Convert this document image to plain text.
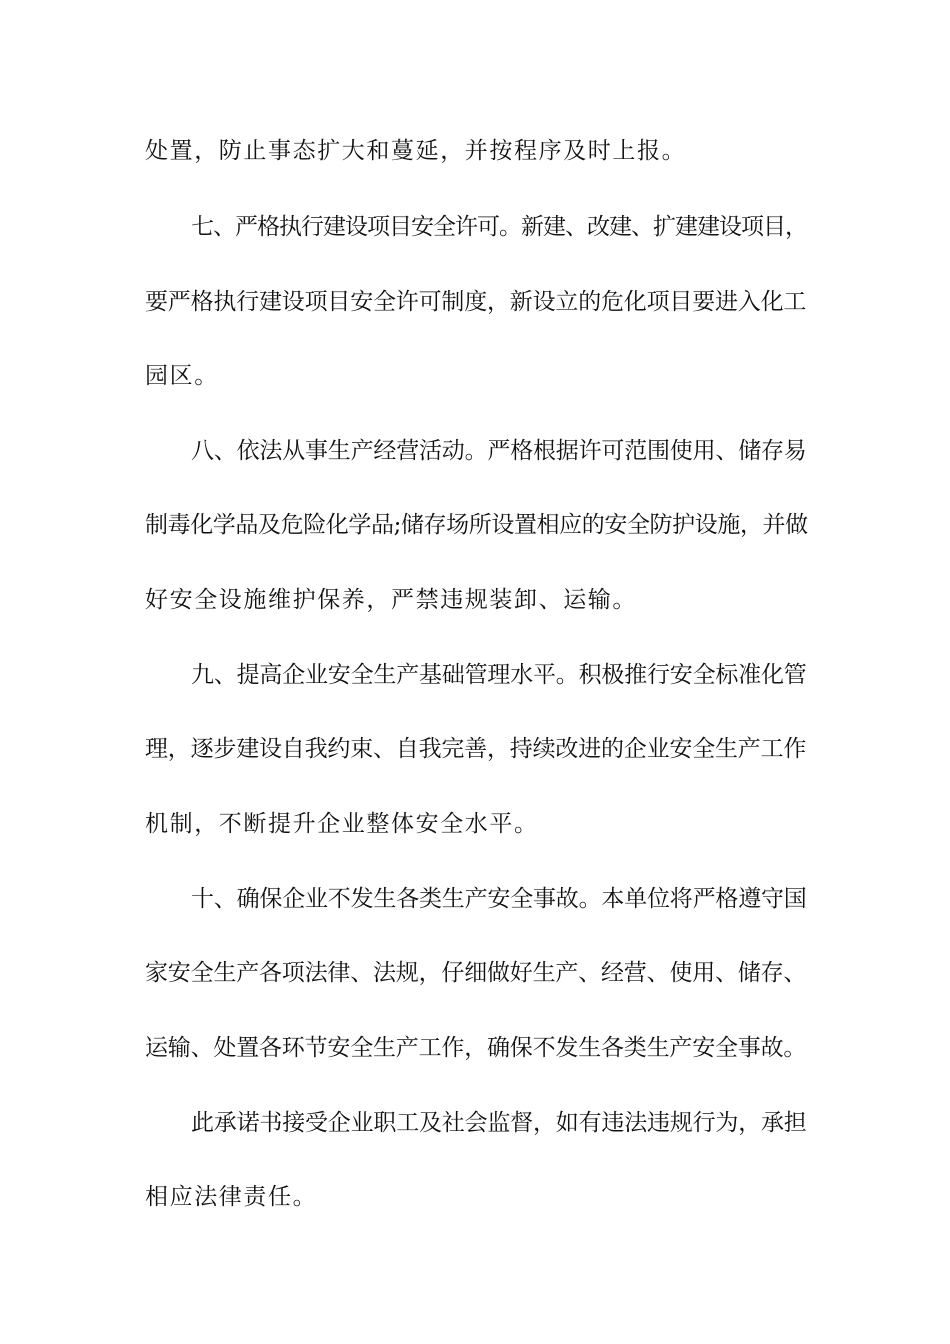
处置，防止事态扩大和蔓延，并按程序及时上报。
七、严格执行建设项目安全许可。新建、改建、扩建建设项目，
要严格执行建设项目安全许可制度，新设立的危化项目要进入化工
园区。
八、依法从事生产经营活动。严格根据许可范围使用、储存易
制毒化学品及危险化学品;储存场所设置相应的安全防护设施，并做
好安全设施维护保养，严禁违规装卸、运输。
九、提高企业安全生产基础管理水平。积极推行安全标准化管
理，逐步建设自我约束、自我完善，持续改进的企业安全生产工作
机制，不断提升企业整体安全水平。
十、确保企业不发生各类生产安全事故。本单位将严格遵守国
家安全生产各项法律、法规，仔细做好生产、经营、使用、储存、
运输、处置各环节安全生产工作，确保不发生各类生产安全事故。
此承诺书接受企业职工及社会监督，如有违法违规行为，承担
相应法律责任。
